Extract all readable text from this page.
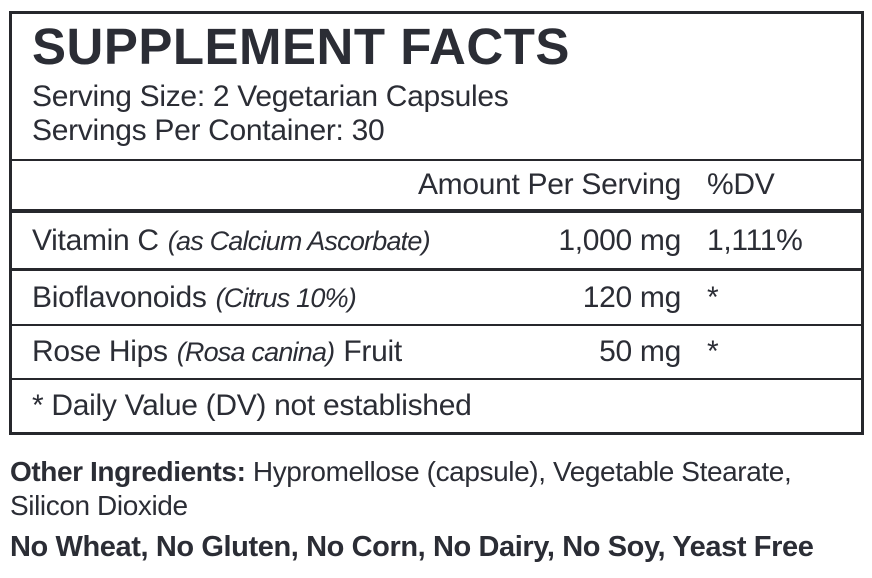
SUPPLEMENT FACTS
Serving Size: 2 Vegetarian Capsules
Servings Per Container: 30
Amount Per Serving %DV
Vitamin C (as Calcium Ascorbate)	1,000 mg 1,111%
Bioflavonoids (Citrus 10%)	120 mg *
Rose Hips (Rosa canina) Fruit	50 mg *
* Daily Value (DV) not established

Other Ingredients: Hypromellose (capsule), Vegetable Stearate,
Silicon Dioxide

No Wheat, No Gluten, No Corn, No Dairy, No Soy, Yeast Free
